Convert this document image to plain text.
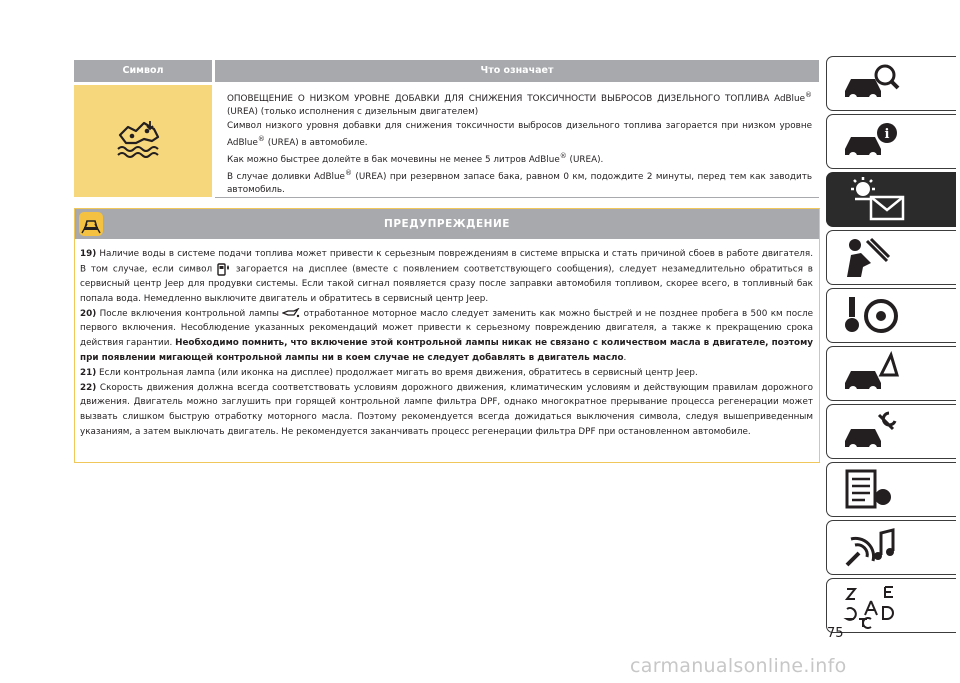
Символ	Что означает

ОПОВЕЩЕНИЕ О НИЗКОМ УРОВНЕ ДОБАВКИ ДЛЯ СНИЖЕНИЯ ТОКСИЧНОСТИ ВЫБРОСОВ ДИЗЕЛЬНОГО ТОПЛИВА AdBlue® (UREA) (только исполнения с дизельным двигателем)

Символ низкого уровня добавки для снижения токсичности выбросов дизельного топлива загорается при низком уровне AdBlue® (UREA) в автомобиле.

Как можно быстрее долейте в бак мочевины не менее 5 литров AdBlue® (UREA).

В случае доливки AdBlue® (UREA) при резервном запасе бака, равном 0 км, подождите 2 минуты, перед тем как заводить автомобиль.

ПРЕДУПРЕЖДЕНИЕ

19) Наличие воды в системе подачи топлива может привести к серьезным повреждениям в системе впрыска и стать причиной сбоев в работе двигателя. В том случае, если символ  загорается на дисплее (вместе с появлением соответствующего сообщения), следует незамедлительно обратиться в сервисный центр Jeep для продувки системы. Если такой сигнал появляется сразу после заправки автомобиля топливом, скорее всего, в топливный бак попала вода. Немедленно выключите двигатель и обратитесь в сервисный центр Jeep.

20) После включения контрольной лампы  отработанное моторное масло следует заменить как можно быстрей и не позднее пробега в 500 км после первого включения. Несоблюдение указанных рекомендаций может привести к серьезному повреждению двигателя, а также к прекращению срока действия гарантии. Необходимо помнить, что включение этой контрольной лампы никак не связано с количеством масла в двигателе, поэтому при появлении мигающей контрольной лампы ни в коем случае не следует добавлять в двигатель масло.

21) Если контрольная лампа (или иконка на дисплее) продолжает мигать во время движения, обратитесь в сервисный центр Jeep.

22) Скорость движения должна всегда соответствовать условиям дорожного движения, климатическим условиям и действующим правилам дорожного движения. Двигатель можно заглушить при горящей контрольной лампе фильтра DPF, однако многократное прерывание процесса регенерации может вызвать слишком быструю отработку моторного масла. Поэтому рекомендуется всегда дожидаться выключения символа, следуя вышеприведенным указаниям, а затем выключать двигатель. Не рекомендуется заканчивать процесс регенерации фильтра DPF при остановленном автомобиле.

i
75
carmanualsonline.info
